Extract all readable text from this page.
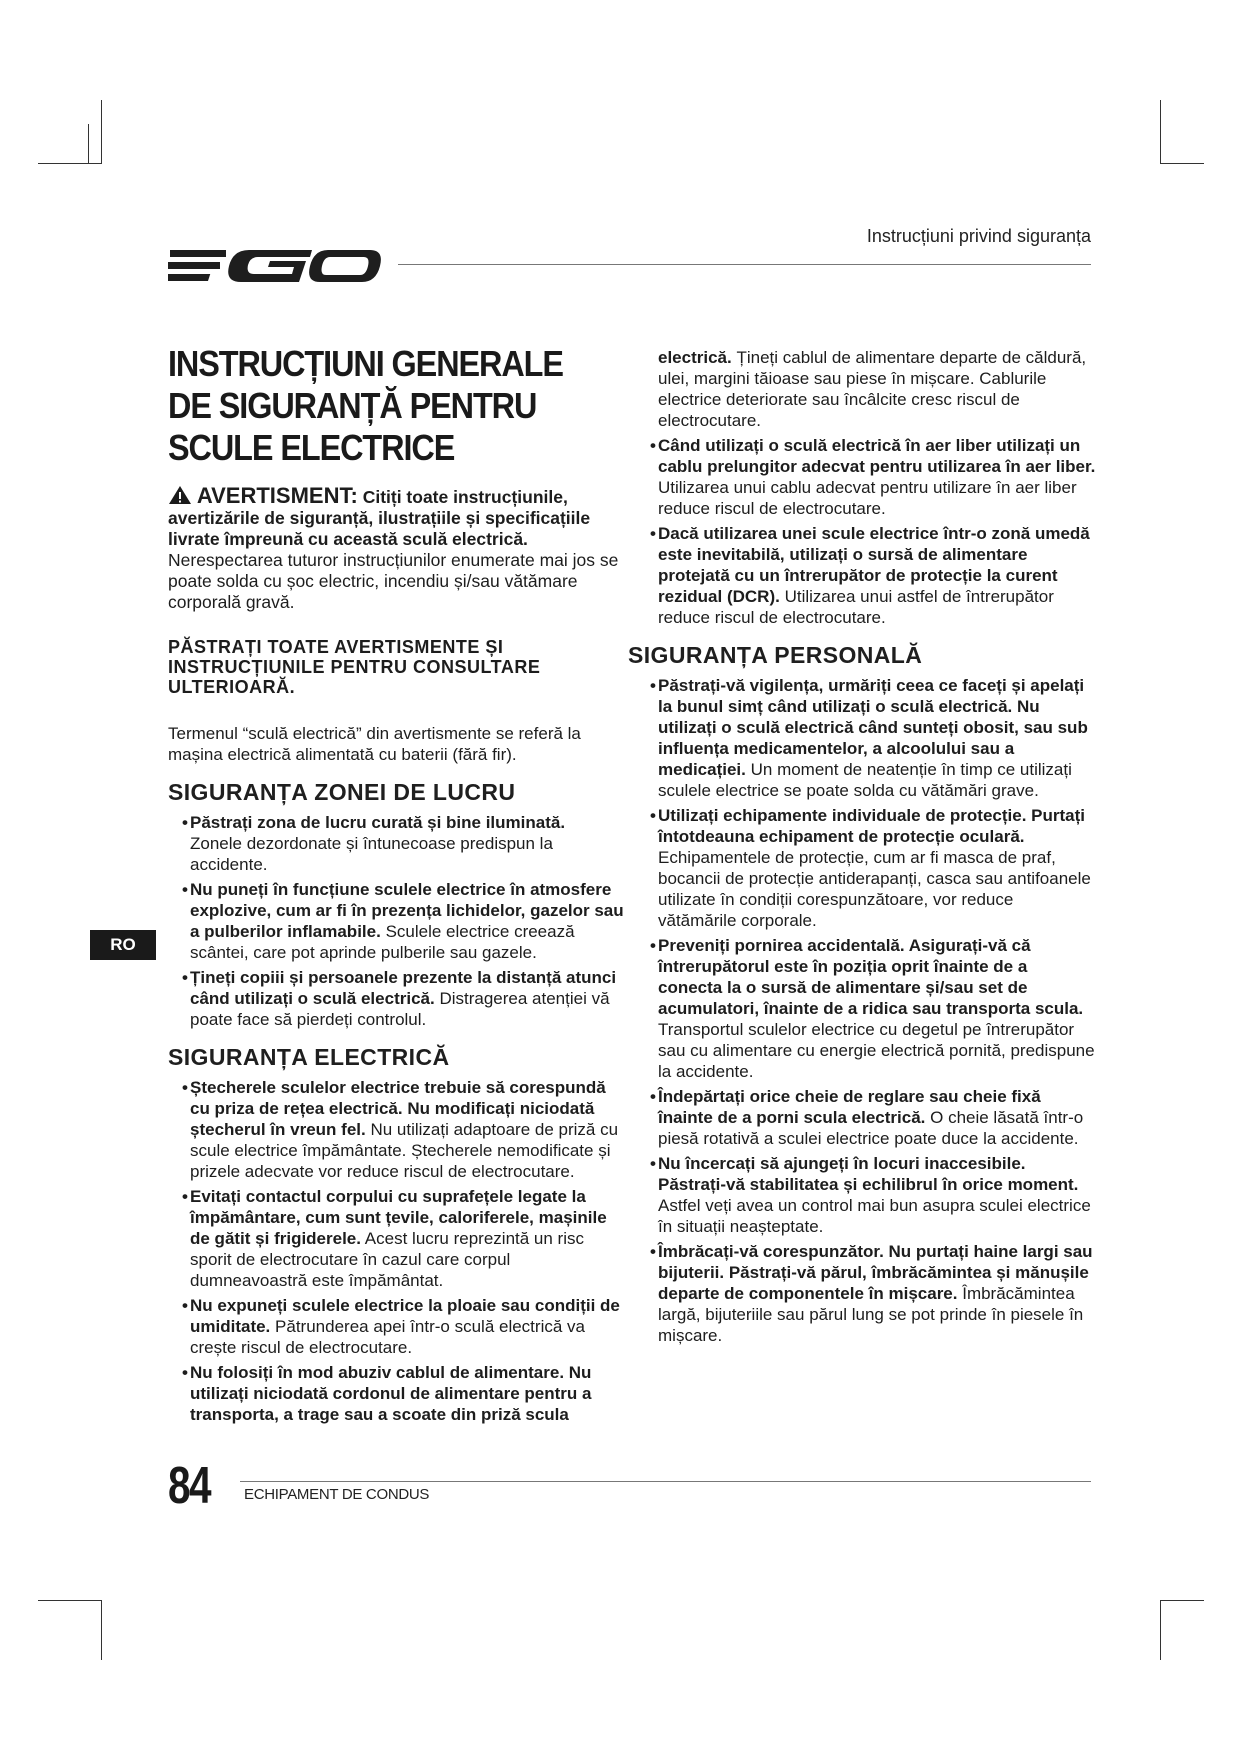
Instrucțiuni privind siguranța
INSTRUCȚIUNI GENERALE DE SIGURANȚĂ PENTRU SCULE ELECTRICE
AVERTISMENT: Citiți toate instrucțiunile, avertizările de siguranță, ilustrațiile și specificațiile livrate împreună cu această sculă electrică. Nerespectarea tuturor instrucțiunilor enumerate mai jos se poate solda cu șoc electric, incendiu și/sau vătămare corporală gravă.
PĂSTRAȚI TOATE AVERTISMENTE ȘI INSTRUCȚIUNILE PENTRU CONSULTARE ULTERIOARĂ.
Termenul “sculă electrică” din avertismente se referă la mașina electrică alimentată cu baterii (fără fir).
SIGURANȚA ZONEI DE LUCRU
• Păstrați zona de lucru curată și bine iluminată.
Zonele dezordonate și întunecoase predispun la accidente.
• Nu puneți în funcțiune sculele electrice în atmosfere explozive, cum ar fi în prezența lichidelor, gazelor sau a pulberilor inflamabile. Sculele electrice creează scântei, care pot aprinde pulberile sau gazele.
• Țineți copiii și persoanele prezente la distanță atunci când utilizați o sculă electrică. Distragerea atenției vă poate face să pierdeți controlul.
SIGURANȚA ELECTRICĂ
• Ștecherele sculelor electrice trebuie să corespundă cu priza de rețea electrică. Nu modificați niciodată ștecherul în vreun fel. Nu utilizați adaptoare de priză cu scule electrice împământate. Ștecherele nemodificate și prizele adecvate vor reduce riscul de electrocutare.
• Evitați contactul corpului cu suprafețele legate la împământare, cum sunt țevile, caloriferele, mașinile de gătit și frigiderele. Acest lucru reprezintă un risc sporit de electrocutare în cazul care corpul dumneavoastră este împământat.
• Nu expuneți sculele electrice la ploaie sau condiții de umiditate. Pătrunderea apei într-o sculă electrică va crește riscul de electrocutare.
• Nu folosiți în mod abuziv cablul de alimentare. Nu utilizați niciodată cordonul de alimentare pentru a transporta, a trage sau a scoate din priză scula
electrică. Țineți cablul de alimentare departe de căldură, ulei, margini tăioase sau piese în mișcare. Cablurile electrice deteriorate sau încâlcite cresc riscul de electrocutare.
• Când utilizați o sculă electrică în aer liber utilizați un cablu prelungitor adecvat pentru utilizarea în aer liber. Utilizarea unui cablu adecvat pentru utilizare în aer liber reduce riscul de electrocutare.
• Dacă utilizarea unei scule electrice într-o zonă umedă este inevitabilă, utilizați o sursă de alimentare protejată cu un întrerupător de protecție la curent rezidual (DCR). Utilizarea unui astfel de întrerupător reduce riscul de electrocutare.
SIGURANȚA PERSONALĂ
• Păstrați-vă vigilența, urmăriți ceea ce faceți și apelați la bunul simț când utilizați o sculă electrică. Nu utilizați o sculă electrică când sunteți obosit, sau sub influența medicamentelor, a alcoolului sau a medicației. Un moment de neatenție în timp ce utilizați sculele electrice se poate solda cu vătămări grave.
• Utilizați echipamente individuale de protecție. Purtați întotdeauna echipament de protecție oculară. Echipamentele de protecție, cum ar fi masca de praf, bocancii de protecție antiderapanți, casca sau antifoanele utilizate în condiții corespunzătoare, vor reduce vătămările corporale.
• Preveniți pornirea accidentală. Asigurați-vă că întrerupătorul este în poziția oprit înainte de a conecta la o sursă de alimentare și/sau set de acumulatori, înainte de a ridica sau transporta scula. Transportul sculelor electrice cu degetul pe întrerupător sau cu alimentare cu energie electrică pornită, predispune la accidente.
• Îndepărtați orice cheie de reglare sau cheie fixă înainte de a porni scula electrică. O cheie lăsată într-o piesă rotativă a sculei electrice poate duce la accidente.
• Nu încercați să ajungeți în locuri inaccesibile. Păstrați-vă stabilitatea și echilibrul în orice moment. Astfel veți avea un control mai bun asupra sculei electrice în situații neașteptate.
• Îmbrăcați-vă corespunzător. Nu purtați haine largi sau bijuterii. Păstrați-vă părul, îmbrăcămintea și mănușile departe de componentele în mișcare. Îmbrăcămintea largă, bijuteriile sau părul lung se pot prinde în piesele în mișcare.
RO
84 ECHIPAMENT DE CONDUS
